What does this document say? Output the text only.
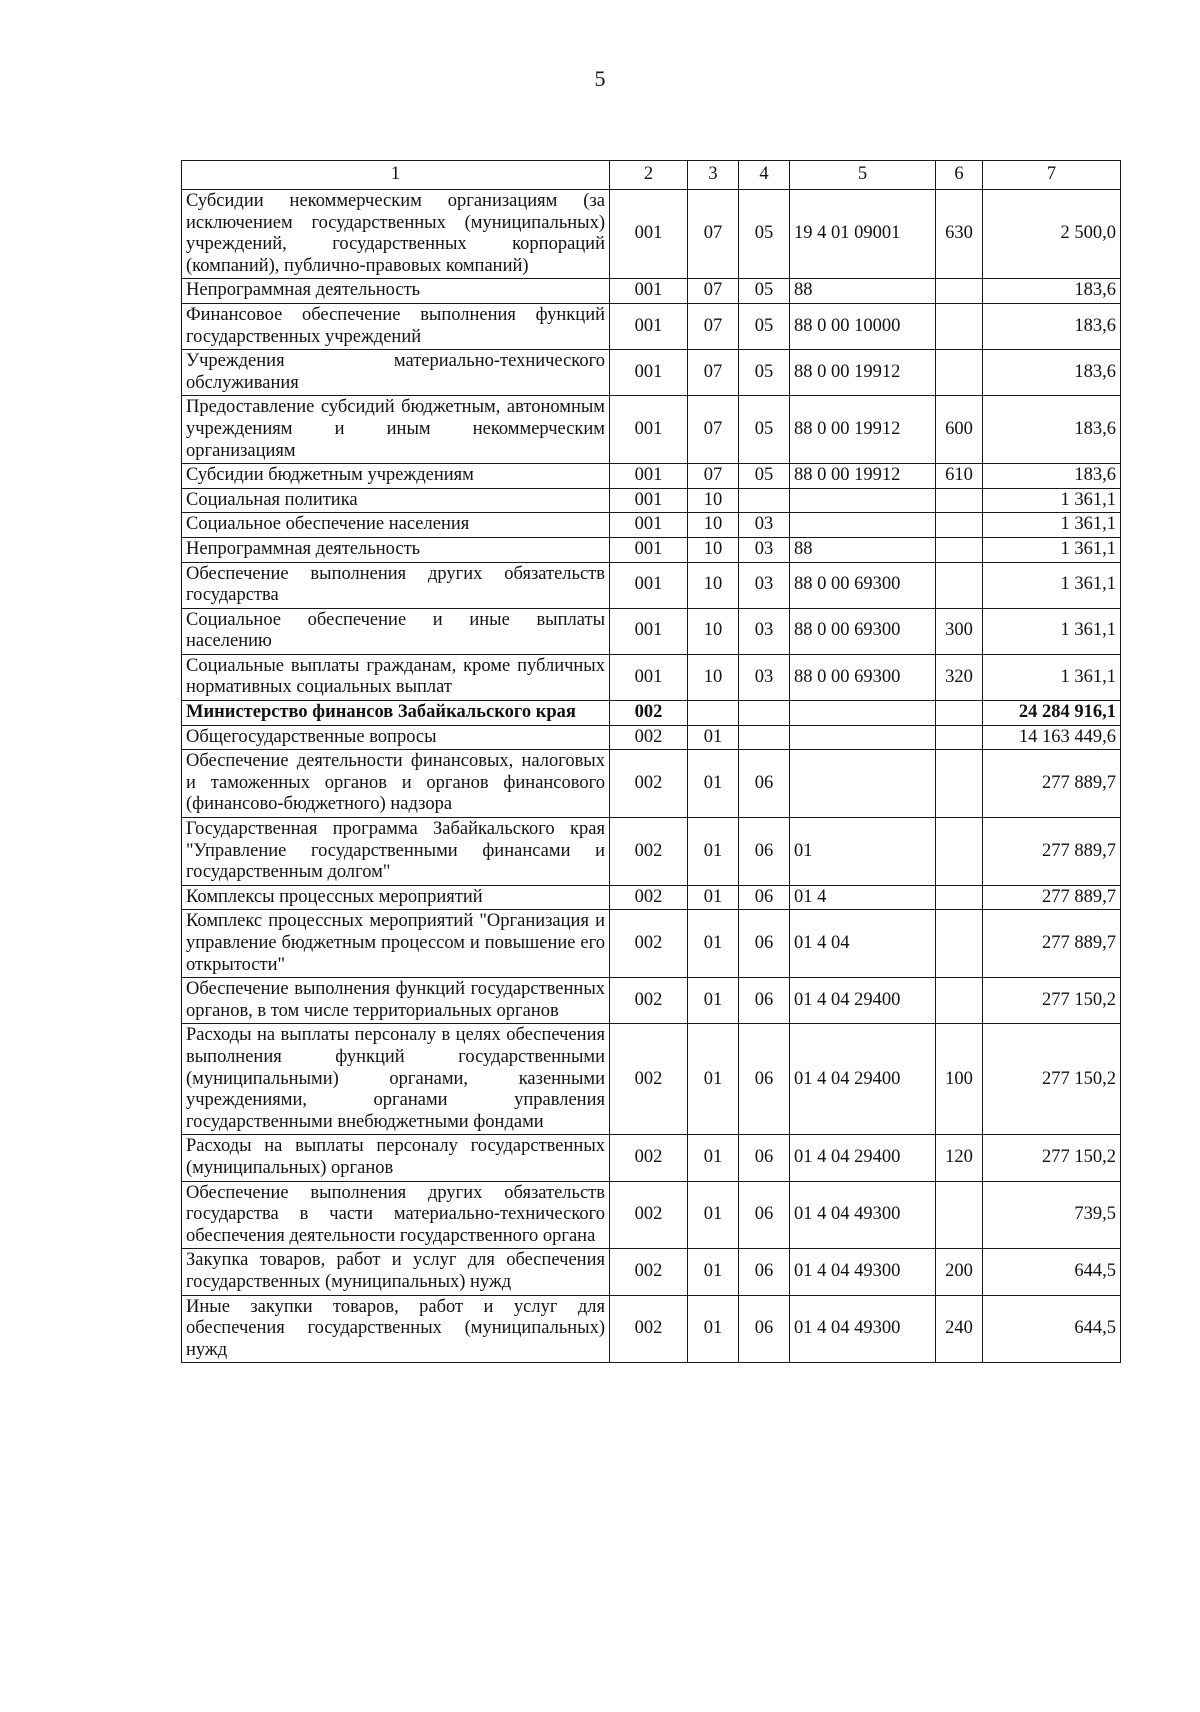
5
1	2	3	4	5	6	7
Субсидии некоммерческим организациям (за исключением государственных (муниципальных) учреждений, государственных корпораций (компаний), публично-правовых компаний)	001	07	05	19 4 01 09001	630	2 500,0
Непрограммная деятельность	001	07	05	88		183,6
Финансовое обеспечение выполнения функций государственных учреждений	001	07	05	88 0 00 10000		183,6
Учреждения материально-технического обслуживания	001	07	05	88 0 00 19912		183,6
Предоставление субсидий бюджетным, автономным учреждениям и иным некоммерческим организациям	001	07	05	88 0 00 19912	600	183,6
Субсидии бюджетным учреждениям	001	07	05	88 0 00 19912	610	183,6
Социальная политика	001	10				1 361,1
Социальное обеспечение населения	001	10	03			1 361,1
Непрограммная деятельность	001	10	03	88		1 361,1
Обеспечение выполнения других обязательств государства	001	10	03	88 0 00 69300		1 361,1
Социальное обеспечение и иные выплаты населению	001	10	03	88 0 00 69300	300	1 361,1
Социальные выплаты гражданам, кроме публичных нормативных социальных выплат	001	10	03	88 0 00 69300	320	1 361,1
Министерство финансов Забайкальского края	002					24 284 916,1
Общегосударственные вопросы	002	01				14 163 449,6
Обеспечение деятельности финансовых, налоговых и таможенных органов и органов финансового (финансово-бюджетного) надзора	002	01	06			277 889,7
Государственная программа Забайкальского края "Управление государственными финансами и государственным долгом"	002	01	06	01		277 889,7
Комплексы процессных мероприятий	002	01	06	01 4		277 889,7
Комплекс процессных мероприятий "Организация и управление бюджетным процессом и повышение его открытости"	002	01	06	01 4 04		277 889,7
Обеспечение выполнения функций государственных органов, в том числе территориальных органов	002	01	06	01 4 04 29400		277 150,2
Расходы на выплаты персоналу в целях обеспечения выполнения функций государственными (муниципальными) органами, казенными учреждениями, органами управления государственными внебюджетными фондами	002	01	06	01 4 04 29400	100	277 150,2
Расходы на выплаты персоналу государственных (муниципальных) органов	002	01	06	01 4 04 29400	120	277 150,2
Обеспечение выполнения других обязательств государства в части материально-технического обеспечения деятельности государственного органа	002	01	06	01 4 04 49300		739,5
Закупка товаров, работ и услуг для обеспечения государственных (муниципальных) нужд	002	01	06	01 4 04 49300	200	644,5
Иные закупки товаров, работ и услуг для обеспечения государственных (муниципальных) нужд	002	01	06	01 4 04 49300	240	644,5
